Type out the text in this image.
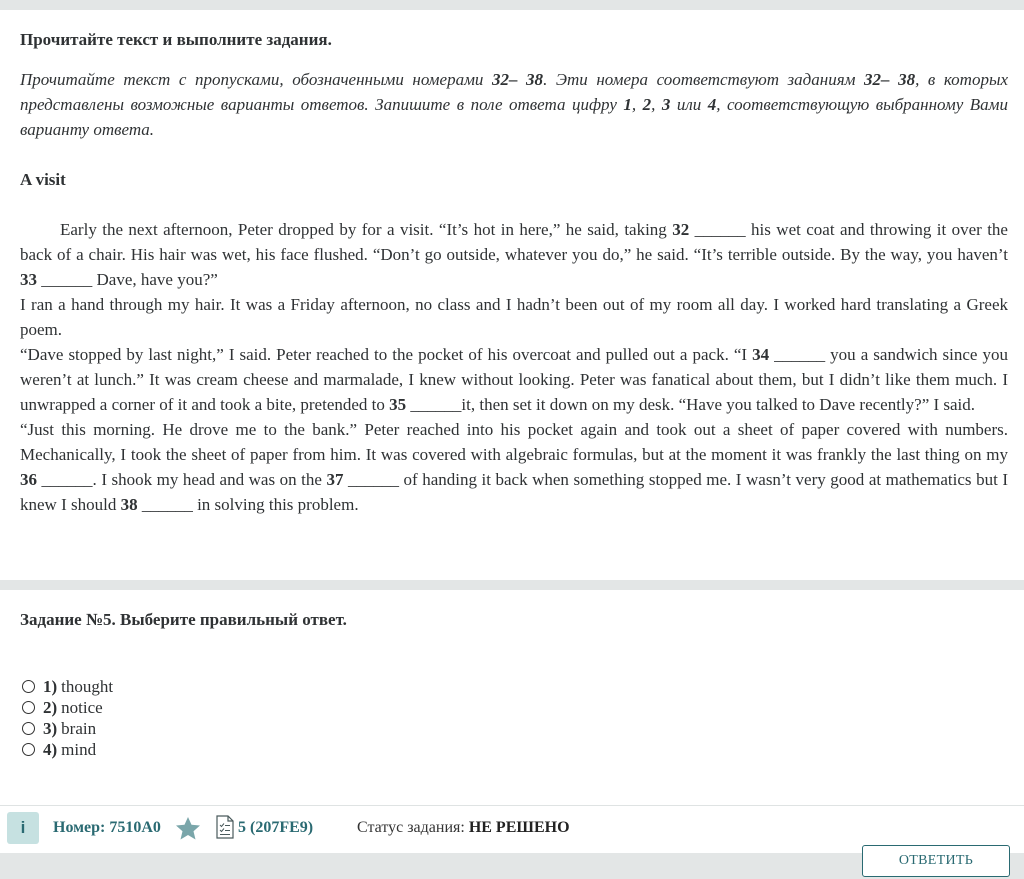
Прочитайте текст и выполните задания.
Прочитайте текст с пропусками, обозначенными номерами 32– 38. Эти номера соответствуют заданиям 32– 38, в которых представлены возможные варианты ответов. Запишите в поле ответа цифру 1, 2, 3 или 4, соответствующую выбранному Вами варианту ответа.
A visit

Early the next afternoon, Peter dropped by for a visit. “It’s hot in here,” he said, taking 32 ______ his wet coat and throwing it over the back of a chair. His hair was wet, his face flushed. “Don’t go outside, whatever you do,” he said. “It’s terrible outside. By the way, you haven’t 33 ______ Dave, have you?”

I ran a hand through my hair. It was a Friday afternoon, no class and I hadn’t been out of my room all day. I worked hard translating a Greek poem.

“Dave stopped by last night,” I said. Peter reached to the pocket of his overcoat and pulled out a pack. “I 34 ______ you a sandwich since you weren’t at lunch.” It was cream cheese and marmalade, I knew without looking. Peter was fanatical about them, but I didn’t like them much. I unwrapped a corner of it and took a bite, pretended to 35 ______it, then set it down on my desk. “Have you talked to Dave recently?” I said.

“Just this morning. He drove me to the bank.” Peter reached into his pocket again and took out a sheet of paper covered with numbers. Mechanically, I took the sheet of paper from him. It was covered with algebraic formulas, but at the moment it was frankly the last thing on my 36 ______. I shook my head and was on the 37 ______ of handing it back when something stopped me. I wasn’t very good at mathematics but I knew I should 38 ______ in solving this problem.

Задание №5. Выберите правильный ответ.
1) thought
2) notice
3) brain
4) mind
i	Номер: 7510A0	5 (207FE9)	Статус задания: НЕ РЕШЕНО
ОТВЕТИТЬ
